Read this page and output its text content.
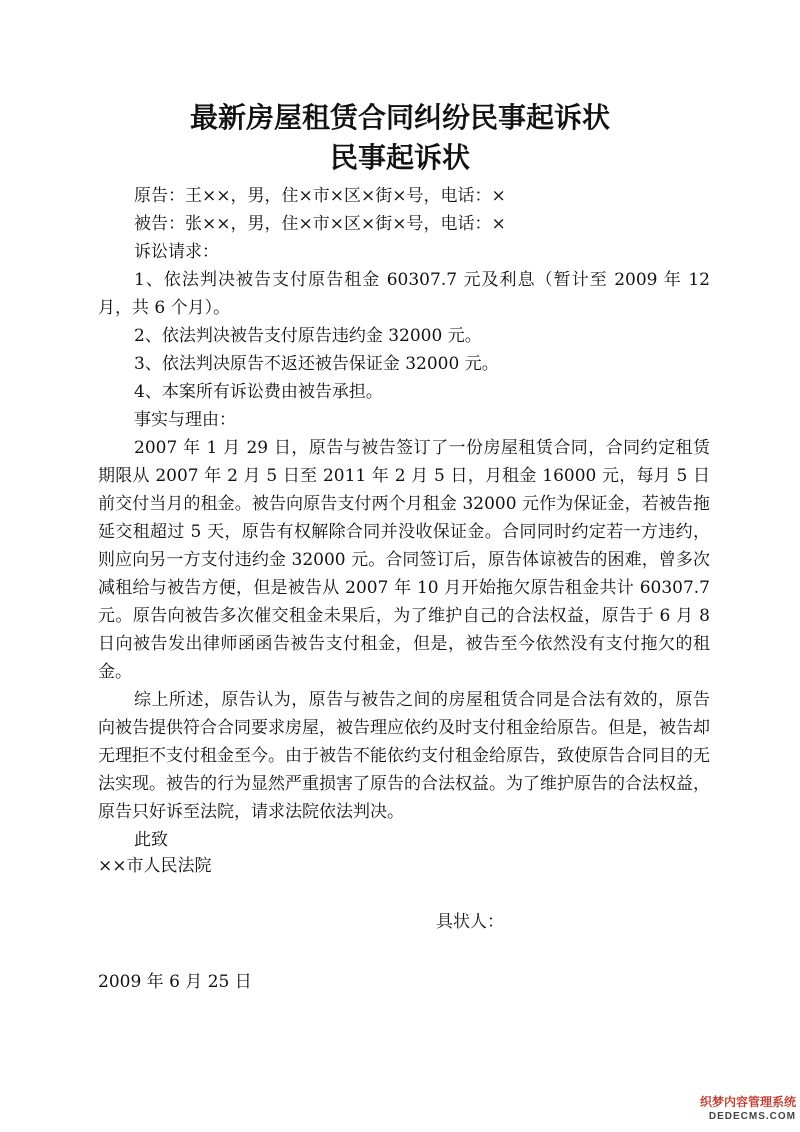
最新房屋租赁合同纠纷民事起诉状
民事起诉状

原告：王××，男，住×市×区×街×号，电话：×

被告：张××，男，住×市×区×街×号，电话：×

诉讼请求：

1、依法判决被告支付原告租金 60307.7 元及利息（暂计至 2009 年 12 月，共 6 个月）。

2、依法判决被告支付原告违约金 32000 元。

3、依法判决原告不返还被告保证金 32000 元。

4、本案所有诉讼费由被告承担。

事实与理由：

2007 年 1 月 29 日，原告与被告签订了一份房屋租赁合同，合同约定租赁期限从 2007 年 2 月 5 日至 2011 年 2 月 5 日，月租金 16000 元，每月 5 日前交付当月的租金。被告向原告支付两个月租金 32000 元作为保证金，若被告拖延交租超过 5 天，原告有权解除合同并没收保证金。合同同时约定若一方违约，则应向另一方支付违约金 32000 元。合同签订后，原告体谅被告的困难，曾多次减租给与被告方便，但是被告从 2007 年 10 月开始拖欠原告租金共计 60307.7 元。原告向被告多次催交租金未果后，为了维护自己的合法权益，原告于 6 月 8 日向被告发出律师函函告被告支付租金，但是，被告至今依然没有支付拖欠的租金。

综上所述，原告认为，原告与被告之间的房屋租赁合同是合法有效的，原告向被告提供符合合同要求房屋，被告理应依约及时支付租金给原告。但是，被告却无理拒不支付租金至今。由于被告不能依约支付租金给原告，致使原告合同目的无法实现。被告的行为显然严重损害了原告的合法权益。为了维护原告的合法权益，原告只好诉至法院，请求法院依法判决。

此致

××市人民法院
具状人：
2009 年 6 月 25 日
织梦内容管理系统
DEDECMS.COM
